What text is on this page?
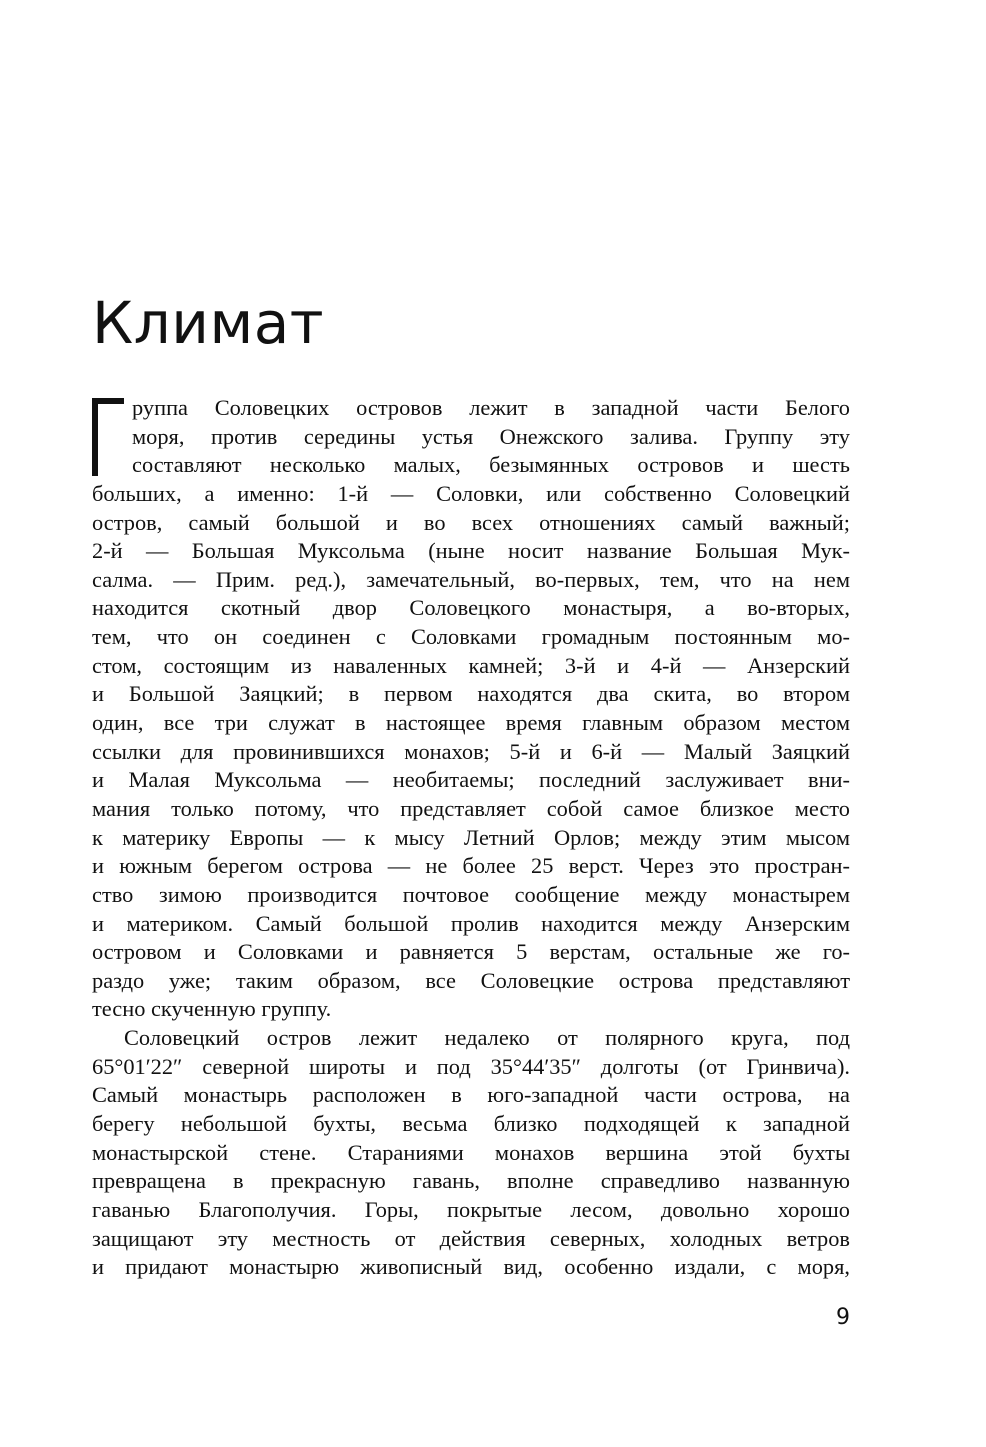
Климат
руппа Соловецких островов лежит в западной части Белого
моря, против середины устья Онежского залива. Группу эту
составляют несколько малых, безымянных островов и шесть
больших, а именно: 1-й — Соловки, или собственно Соловецкий
остров, самый большой и во всех отношениях самый важный;
2-й — Большая Муксольма (ныне носит название Большая Мук-
салма. — Прим. ред.), замечательный, во-первых, тем, что на нем
находится скотный двор Соловецкого монастыря, а во-вторых,
тем, что он соединен с Соловками громадным постоянным мо-
стом, состоящим из наваленных камней; 3-й и 4-й — Анзерский
и Большой Заяцкий; в первом находятся два скита, во втором
один, все три служат в настоящее время главным образом местом
ссылки для провинившихся монахов; 5-й и 6-й — Малый Заяцкий
и Малая Муксольма — необитаемы; последний заслуживает вни-
мания только потому, что представляет собой самое близкое место
к материку Европы — к мысу Летний Орлов; между этим мысом
и южным берегом острова — не более 25 верст. Через это простран-
ство зимою производится почтовое сообщение между монастырем
и материком. Самый большой пролив находится между Анзерским
островом и Соловками и равняется 5 верстам, остальные же го-
раздо уже; таким образом, все Соловецкие острова представляют
тесно скученную группу.
Соловецкий остров лежит недалеко от полярного круга, под
65°01′22″ северной широты и под 35°44′35″ долготы (от Гринвича).
Самый монастырь расположен в юго-западной части острова, на
берегу небольшой бухты, весьма близко подходящей к западной
монастырской стене. Стараниями монахов вершина этой бухты
превращена в прекрасную гавань, вполне справедливо названную
гаванью Благополучия. Горы, покрытые лесом, довольно хорошо
защищают эту местность от действия северных, холодных ветров
и придают монастырю живописный вид, особенно издали, с моря,
9
